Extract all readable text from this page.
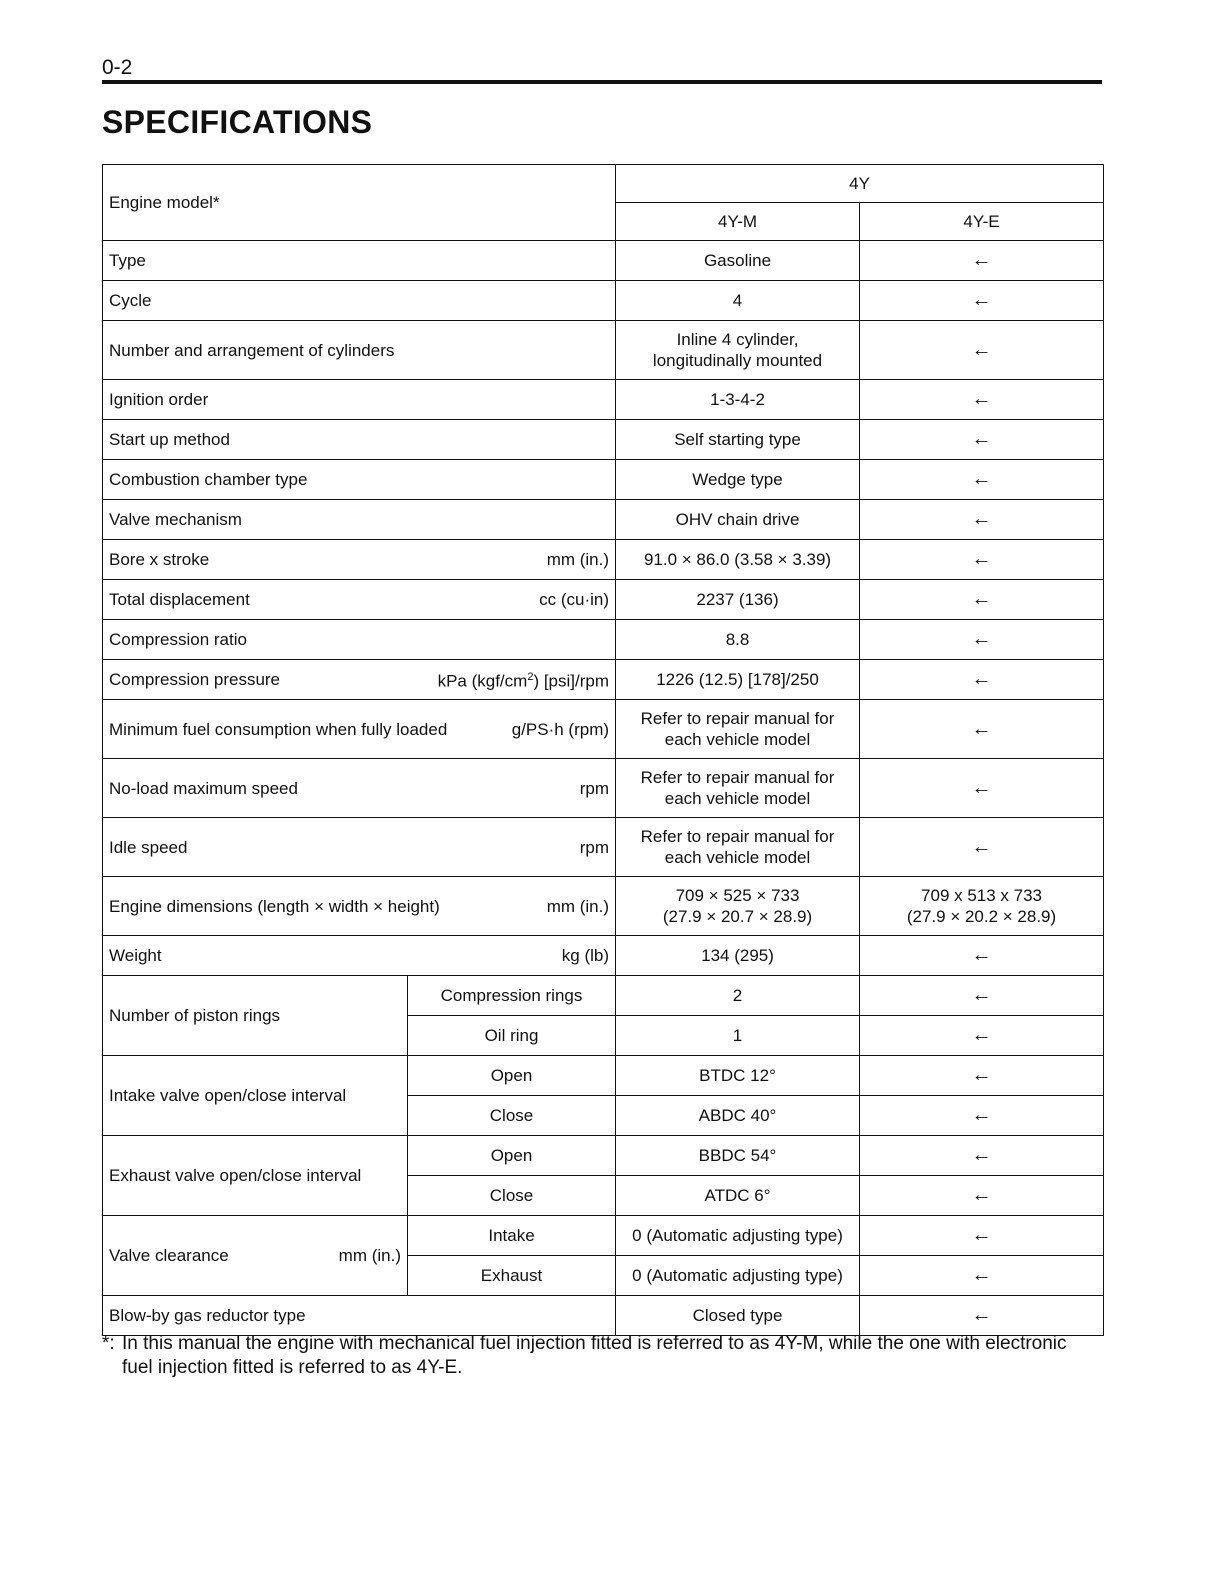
0-2
SPECIFICATIONS
Engine model*		4Y	
		4Y-M	4Y-E
Type		Gasoline	←
Cycle		4	←
Number and arrangement of cylinders		Inline 4 cylinder,
longitudinally mounted	←
Ignition order		1-3-4-2	←
Start up method		Self starting type	←
Combustion chamber type		Wedge type	←
Valve mechanism		OHV chain drive	←

Bore x stroke mm (in.)		91.0 × 86.0 (3.58 × 3.39)	←

Total displacement cc (cu·in)		2237 (136)	←
Compression ratio		8.8	←

Compression pressure kPa $(kgf/cm^2)$ [psi]/rpm		1226 (12.5) [178]/250	←

Minimum fuel consumption when fully loaded g/PS·h (rpm)		Refer to repair manual for
each vehicle model	←

No-load maximum speed rpm		Refer to repair manual for
each vehicle model	←

Idle speed rpm		Refer to repair manual for
each vehicle model	←

Engine dimensions (length × width × height) mm (in.)		709 × 525 × 733
(27.9 × 20.7 × 28.9)	709 x 513 x 733
(27.9 × 20.2 × 28.9)

Weight kg (lb)		134 (295)	←
Number of piston rings	Compression rings	2	←
	Oil ring	1	←
Intake valve open/close interval	Open	BTDC 12°	←
	Close	ABDC 40°	←
Exhaust valve open/close interval	Open	BBDC 54°	←
	Close	ATDC 6°	←

Valve clearance mm (in.)	Intake	0 (Automatic adjusting type)	←
	Exhaust	0 (Automatic adjusting type)	←
Blow-by gas reductor type		Closed type	←
*: In this manual the engine with mechanical fuel injection fitted is referred to as 4Y-M, while the one with electronic
fuel injection fitted is referred to as 4Y-E.
